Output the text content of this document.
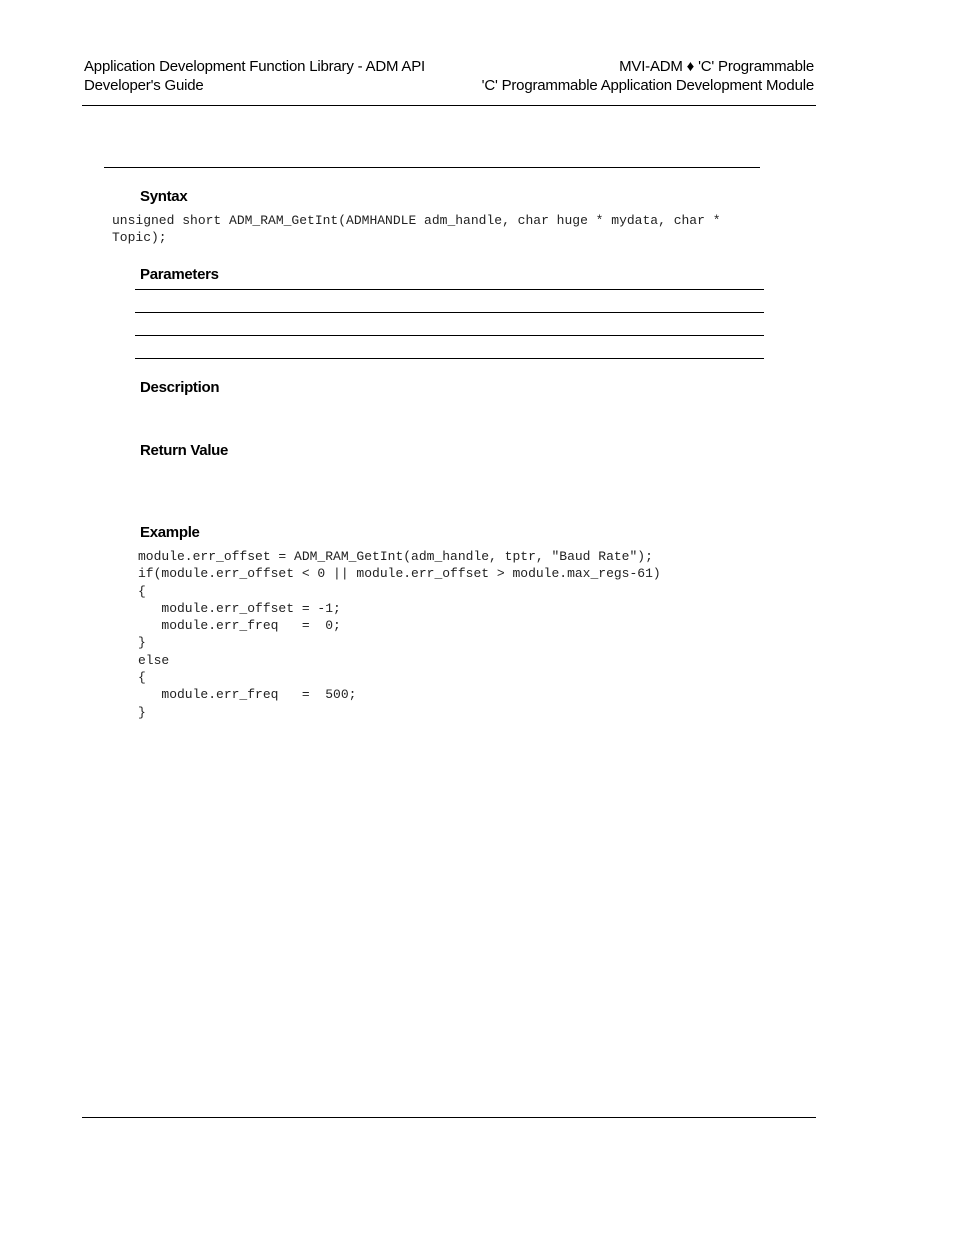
Application Development Function Library - ADM API
Developer's Guide
MVI-ADM ♦ 'C' Programmable
'C' Programmable Application Development Module
Syntax
unsigned short ADM_RAM_GetInt(ADMHANDLE adm_handle, char huge * mydata, char *
Topic);
Parameters
Description
Return Value
Example
module.err_offset = ADM_RAM_GetInt(adm_handle, tptr, "Baud Rate");
if(module.err_offset < 0 || module.err_offset > module.max_regs-61)
{
module.err_offset = -1;
module.err_freq   =  0;
}
else
{
module.err_freq   =  500;
}
